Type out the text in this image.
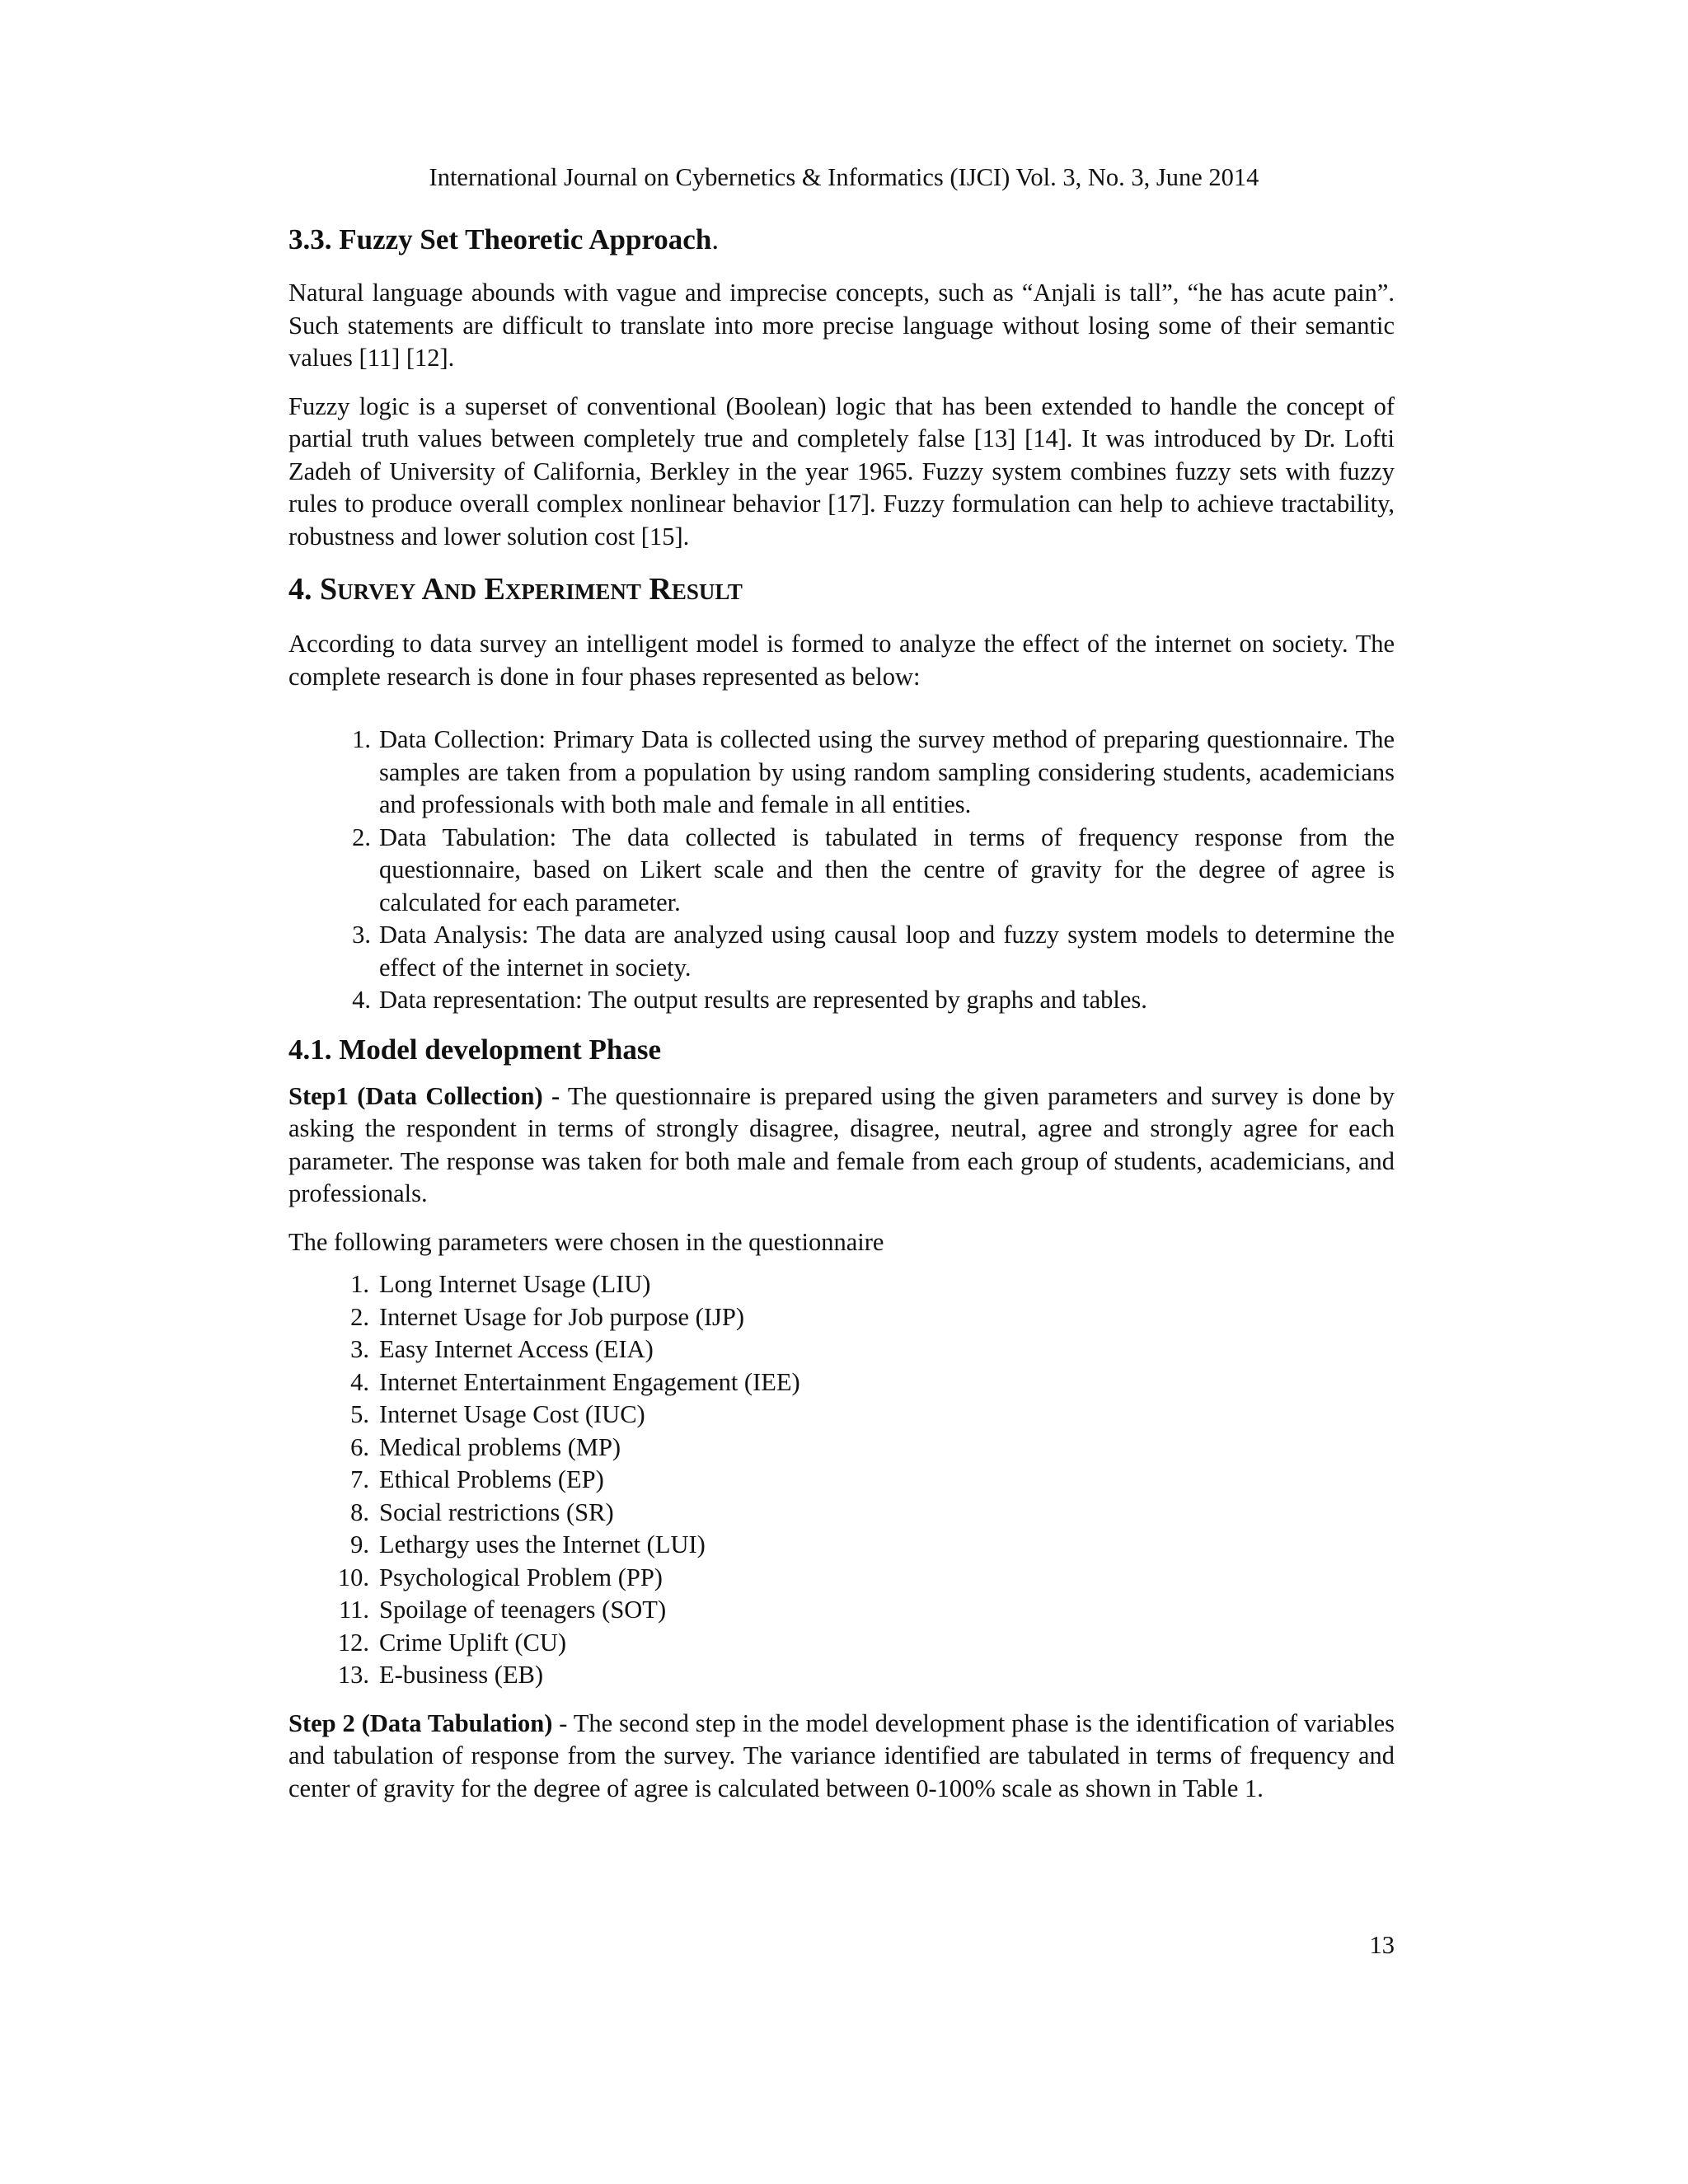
International Journal on Cybernetics & Informatics (IJCI) Vol. 3, No. 3, June 2014
3.3. Fuzzy Set Theoretic Approach.

Natural language abounds with vague and imprecise concepts, such as “Anjali is tall”, “he has acute pain”. Such statements are difficult to translate into more precise language without losing some of their semantic values [11] [12].

Fuzzy logic is a superset of conventional (Boolean) logic that has been extended to handle the concept of partial truth values between completely true and completely false [13] [14]. It was introduced by Dr. Lofti Zadeh of University of California, Berkley in the year 1965. Fuzzy system combines fuzzy sets with fuzzy rules to produce overall complex nonlinear behavior [17]. Fuzzy formulation can help to achieve tractability, robustness and lower solution cost [15].

4. Survey And Experiment Result

According to data survey an intelligent model is formed to analyze the effect of the internet on society. The complete research is done in four phases represented as below:

1. Data Collection: Primary Data is collected using the survey method of preparing questionnaire. The samples are taken from a population by using random sampling considering students, academicians and professionals with both male and female in all entities.
2. Data Tabulation: The data collected is tabulated in terms of frequency response from the questionnaire, based on Likert scale and then the centre of gravity for the degree of agree is calculated for each parameter.
3. Data Analysis: The data are analyzed using causal loop and fuzzy system models to determine the effect of the internet in society.
4. Data representation: The output results are represented by graphs and tables.
4.1. Model development Phase

Step1 (Data Collection) - The questionnaire is prepared using the given parameters and survey is done by asking the respondent in terms of strongly disagree, disagree, neutral, agree and strongly agree for each parameter. The response was taken for both male and female from each group of students, academicians, and professionals.

The following parameters were chosen in the questionnaire

1. Long Internet Usage (LIU)
2. Internet Usage for Job purpose (IJP)
3. Easy Internet Access (EIA)
4. Internet Entertainment Engagement (IEE)
5. Internet Usage Cost (IUC)
6. Medical problems (MP)
7. Ethical Problems (EP)
8. Social restrictions (SR)
9. Lethargy uses the Internet (LUI)
10. Psychological Problem (PP)
11. Spoilage of teenagers (SOT)
12. Crime Uplift (CU)
13. E-business (EB)

Step 2 (Data Tabulation) - The second step in the model development phase is the identification of variables and tabulation of response from the survey. The variance identified are tabulated in terms of frequency and center of gravity for the degree of agree is calculated between 0-100% scale as shown in Table 1.

13
